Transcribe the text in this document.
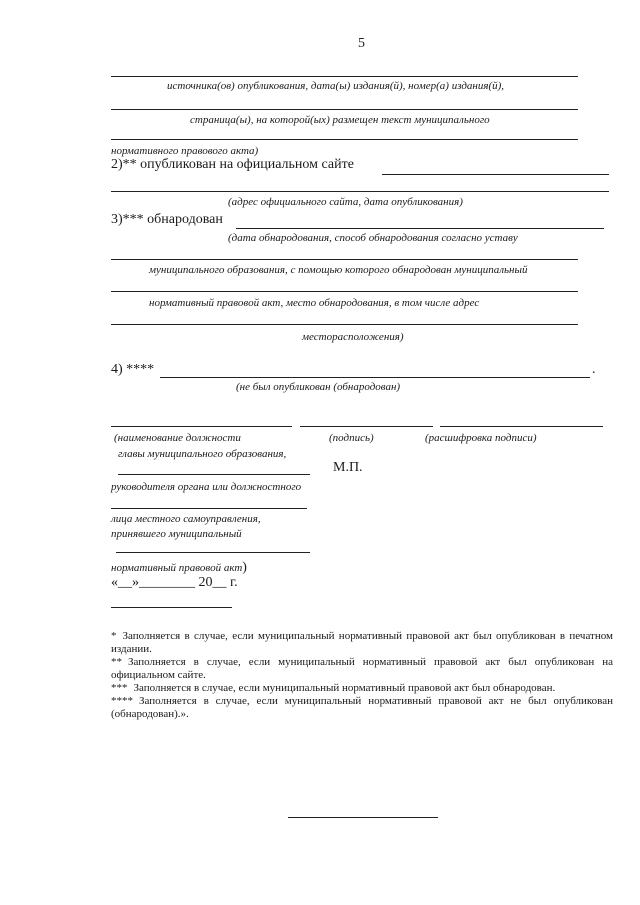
5
источника(ов) опубликования, дата(ы) издания(й), номер(а) издания(й),
страница(ы), на которой(ых) размещен текст муниципального
нормативного правового акта)
2)** опубликован на официальном сайте
(адрес официального сайта, дата опубликования)
3)*** обнародован
(дата обнародования, способ обнародования согласно уставу
муниципального образования, с помощью которого обнародован муниципальный
нормативный правовой акт, место обнародования, в том числе адрес
месторасположения)
4) ****	.
(не был опубликован (обнародован)
(наименование должности	(подпись)	(расшифровка подписи)
главы муниципального образования,
М.П.
руководителя органа или должностного
лица местного самоуправления,
принявшего муниципальный
нормативный правовой акт)
«__»________ 20__ г.
* Заполняется в случае, если муниципальный нормативный правовой акт был опубликован в печатном издании.
** Заполняется в случае, если муниципальный нормативный правовой акт был опубликован на официальном сайте.
*** Заполняется в случае, если муниципальный нормативный правовой акт был обнародован.
**** Заполняется в случае, если муниципальный нормативный правовой акт не был опубликован (обнародован).».
